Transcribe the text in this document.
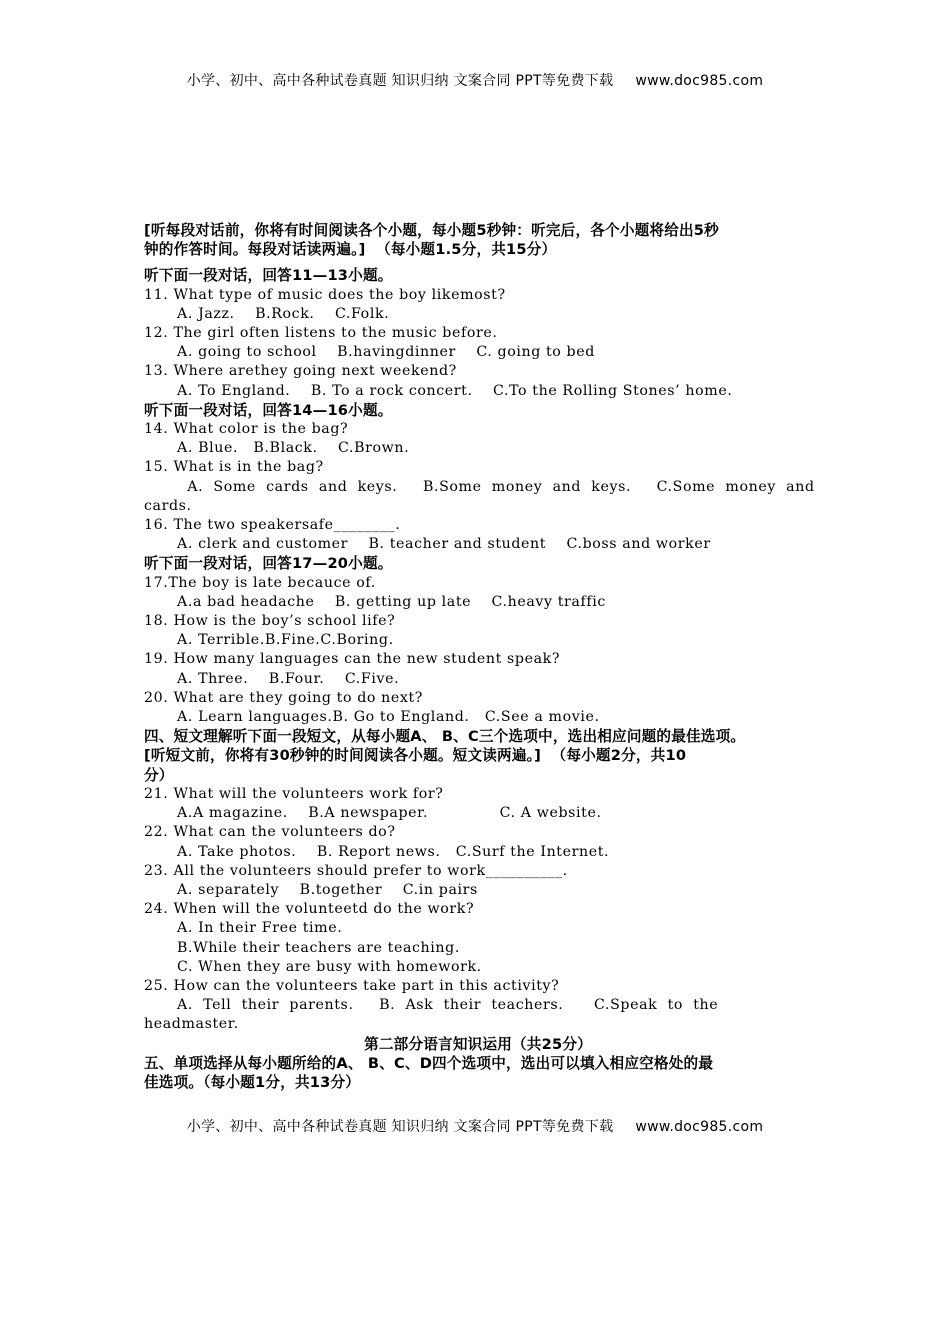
小学、初中、高中各种试卷真题 知识归纳 文案合同 PPT等免费下载 www.doc985.com
[听每段对话前，你将有时间阅读各个小题，每小题5秒钟：听完后，各个小题将给出5秒
钟的作答时间。每段对话读两遍。]  （每小题1.5分，共15分）
听下面一段对话，回答11—13小题。
11. What type of music does the boy likemost?
A. Jazz.    B.Rock.    C.Folk.
12. The girl often listens to the music before.
A. going to school    B.havingdinner    C. going to bed
13. Where arethey going next weekend?
A. To England.    B. To a rock concert.    C.To the Rolling Stones’ home.
听下面一段对话，回答14—16小题。
14. What color is the bag?
A. Blue.   B.Black.    C.Brown.
15. What is in the bag?
A.  Some  cards  and  keys.     B.Some  money  and  keys.     C.Some  money  and
cards.
16. The two speakersafe________.
A. clerk and customer    B. teacher and student    C.boss and worker
听下面一段对话，回答17—20小题。
17.The boy is late becauce of.
A.a bad headache    B. getting up late    C.heavy traffic
18. How is the boy’s school life?
A. Terrible.B.Fine.C.Boring.
19. How many languages can the new student speak?
A. Three.    B.Four.    C.Five.
20. What are they going to do next?
A. Learn languages.B. Go to England.   C.See a movie.
四、短文理解听下面一段短文，从每小题A、 B、C三个选项中，选出相应问题的最佳选项。
[听短文前，你将有30秒钟的时间阅读各小题。短文读两遍。]  （每小题2分，共10
分）
21. What will the volunteers work for?
A.A magazine.    B.A newspaper.              C. A website.
22. What can the volunteers do?
A. Take photos.    B. Report news.   C.Surf the Internet.
23. All the volunteers should prefer to work__________.
A. separately    B.together    C.in pairs
24. When will the volunteetd do the work?
A. In their Free time.
B.While their teachers are teaching.
C. When they are busy with homework.
25. How can the volunteers take part in this activity?
A.  Tell  their  parents.     B.  Ask  their  teachers.      C.Speak  to  the
headmaster.
第二部分语言知识运用（共25分）
五、单项选择从每小题所给的A、 B、C、D四个选项中，选出可以填入相应空格处的最
佳选项。（每小题1分，共13分）
小学、初中、高中各种试卷真题 知识归纳 文案合同 PPT等免费下载 www.doc985.com
